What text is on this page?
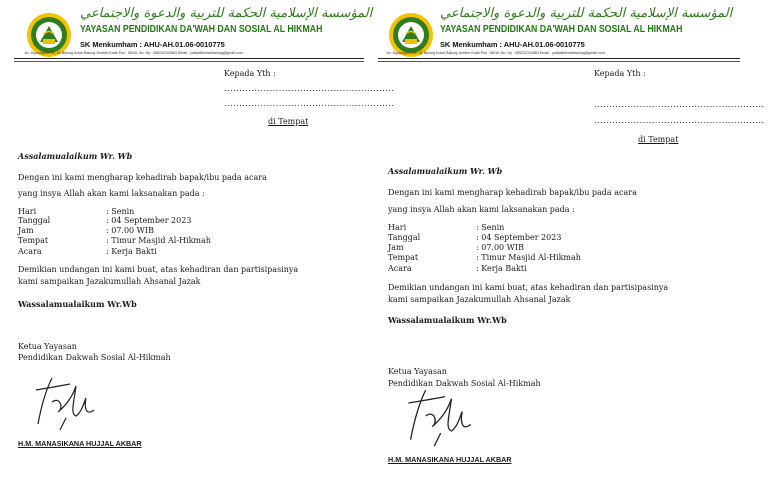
المؤسسة الإسلامية الحكمة للتربية والدعوة والاجتماعي
YAYASAN PENDIDIKAN DA'WAH DAN SOSIAL AL HIKMAH
SK Menkumham : AHU-AH.01.06-0010775
Jln. Diponegoro No. 81 Balung Kulon Balung Jember Kode Pos : 68161 No. Hp : 085232102863 Email : yadsalhikmahbalung@gmail.com
Kepada Yth :
........................................................
........................................................
di Tempat
Assalamualaikum Wr. Wb
Dengan ini kami mengharap kehadirab bapak/ibu pada acara
yang insya Allah akan kami laksanakan pada :
Hari	: Senin
Tanggal	: 04 September 2023
Jam	: 07.00 WIB
Tempat	: Timur Masjid Al-Hikmah
Acara	: Kerja Bakti
Demikian undangan ini kami buat, atas kehadiran dan partisipasinya
kami sampaikan Jazakumullah Ahsanal Jazak
Wassalamualaikum Wr.Wb
Ketua Yayasan
Pendidikan Dakwah Sosial Al-Hikmah
H.M. MANASIKANA HUJJAL AKBAR
المؤسسة الإسلامية الحكمة للتربية والدعوة والاجتماعي
YAYASAN PENDIDIKAN DA'WAH DAN SOSIAL AL HIKMAH
SK Menkumham : AHU-AH.01.06-0010775
Jln. Diponegoro No. 81 Balung Kulon Balung Jember Kode Pos : 68161 No. Hp : 085232102863 Email : yadsalhikmahbalung@gmail.com
Kepada Yth :
........................................................
........................................................
di Tempat
Assalamualaikum Wr. Wb
Dengan ini kami mengharap kehadirab bapak/ibu pada acara
yang insya Allah akan kami laksanakan pada :
Hari	: Senin
Tanggal	: 04 September 2023
Jam	: 07.00 WIB
Tempat	: Timur Masjid Al-Hikmah
Acara	: Kerja Bakti
Demikian undangan ini kami buat, atas kehadiran dan partisipasinya
kami sampaikan Jazakumullah Ahsanal Jazak
Wassalamualaikum Wr.Wb
Ketua Yayasan
Pendidikan Dakwah Sosial Al-Hikmah
H.M. MANASIKANA HUJJAL AKBAR
